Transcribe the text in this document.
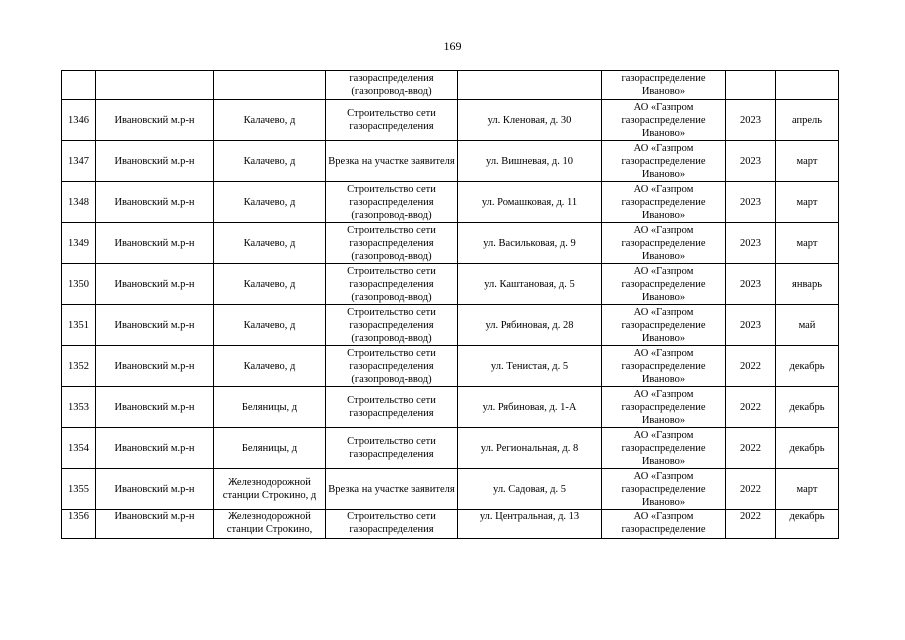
169
			газораспределения (газопровод-ввод)		газораспределение Иваново»		
1346	Ивановский м.р-н	Калачево, д	Строительство сети газораспределения	ул. Кленовая, д. 30	АО «Газпром газораспределение Иваново»	2023	апрель
1347	Ивановский м.р-н	Калачево, д	Врезка на участке заявителя	ул. Вишневая, д. 10	АО «Газпром газораспределение Иваново»	2023	март
1348	Ивановский м.р-н	Калачево, д	Строительство сети газораспределения (газопровод-ввод)	ул. Ромашковая, д. 11	АО «Газпром газораспределение Иваново»	2023	март
1349	Ивановский м.р-н	Калачево, д	Строительство сети газораспределения (газопровод-ввод)	ул. Васильковая, д. 9	АО «Газпром газораспределение Иваново»	2023	март
1350	Ивановский м.р-н	Калачево, д	Строительство сети газораспределения (газопровод-ввод)	ул. Каштановая, д. 5	АО «Газпром газораспределение Иваново»	2023	январь
1351	Ивановский м.р-н	Калачево, д	Строительство сети газораспределения (газопровод-ввод)	ул. Рябиновая, д. 28	АО «Газпром газораспределение Иваново»	2023	май
1352	Ивановский м.р-н	Калачево, д	Строительство сети газораспределения (газопровод-ввод)	ул. Тенистая, д. 5	АО «Газпром газораспределение Иваново»	2022	декабрь
1353	Ивановский м.р-н	Беляницы, д	Строительство сети газораспределения	ул. Рябиновая, д. 1-А	АО «Газпром газораспределение Иваново»	2022	декабрь
1354	Ивановский м.р-н	Беляницы, д	Строительство сети газораспределения	ул. Региональная, д. 8	АО «Газпром газораспределение Иваново»	2022	декабрь
1355	Ивановский м.р-н	Железнодорожной станции Строкино, д	Врезка на участке заявителя	ул. Садовая, д. 5	АО «Газпром газораспределение Иваново»	2022	март
1356	Ивановский м.р-н	Железнодорожной станции Строкино,	Строительство сети газораспределения	ул. Центральная, д. 13	АО «Газпром газораспределение	2022	декабрь
